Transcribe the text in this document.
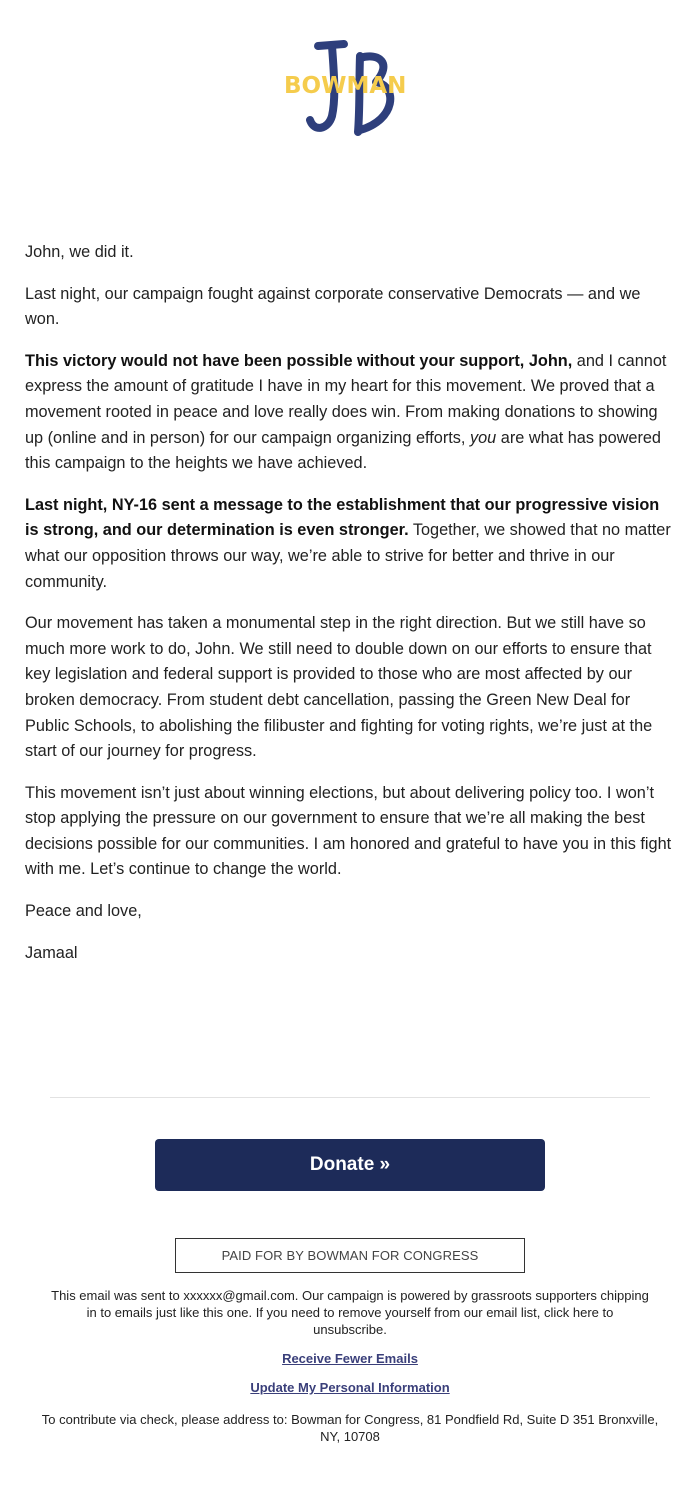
BOWMAN

John, we did it.

Last night, our campaign fought against corporate conservative Democrats — and we won.

This victory would not have been possible without your support, John, and I cannot express the amount of gratitude I have in my heart for this movement. We proved that a movement rooted in peace and love really does win. From making donations to showing up (online and in person) for our campaign organizing efforts, you are what has powered this campaign to the heights we have achieved.

Last night, NY-16 sent a message to the establishment that our progressive vision is strong, and our determination is even stronger. Together, we showed that no matter what our opposition throws our way, we’re able to strive for better and thrive in our community.

Our movement has taken a monumental step in the right direction. But we still have so much more work to do, John. We still need to double down on our efforts to ensure that key legislation and federal support is provided to those who are most affected by our broken democracy. From student debt cancellation, passing the Green New Deal for Public Schools, to abolishing the filibuster and fighting for voting rights, we’re just at the start of our journey for progress.

This movement isn’t just about winning elections, but about delivering policy too. I won’t stop applying the pressure on our government to ensure that we’re all making the best decisions possible for our communities. I am honored and grateful to have you in this fight with me. Let’s continue to change the world.

Peace and love,

Jamaal

Donate »
PAID FOR BY BOWMAN FOR CONGRESS
This email was sent to xxxxxx@gmail.com. Our campaign is powered by grassroots supporters chipping in to emails just like this one. If you need to remove yourself from our email list, click here to unsubscribe.
Receive Fewer Emails
Update My Personal Information
To contribute via check, please address to: Bowman for Congress, 81 Pondfield Rd, Suite D 351 Bronxville, NY, 10708
